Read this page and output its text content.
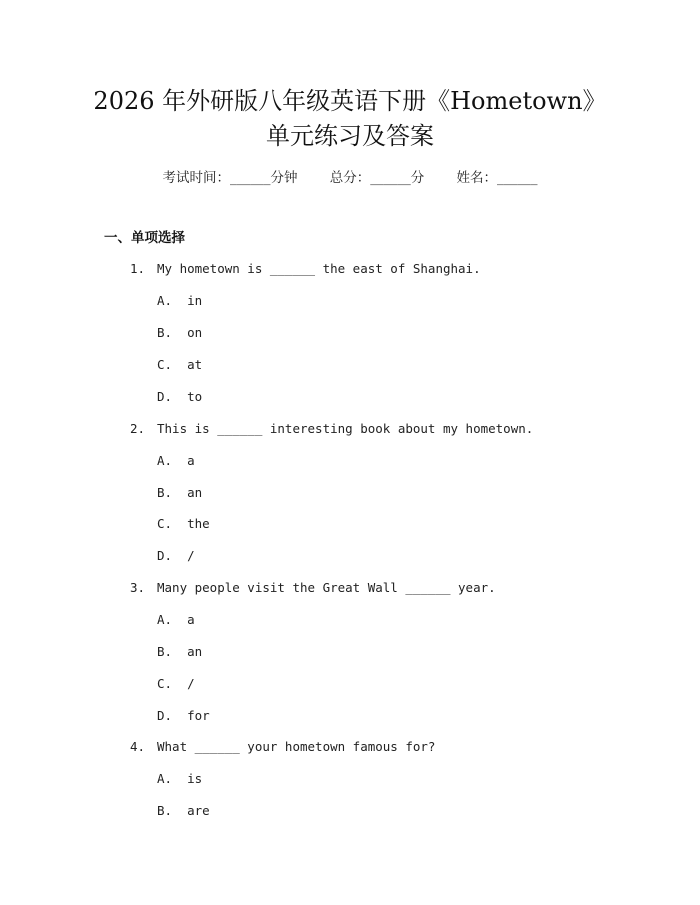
2026 年外研版八年级英语下册《Hometown》
单元练习及答案
考试时间：______分钟 总分：______分 姓名：______
一、单项选择
1. My hometown is ______ the east of Shanghai.
A.  in
B.  on
C.  at
D.  to
2. This is ______ interesting book about my hometown.
A.  a
B.  an
C.  the
D.  /
3. Many people visit the Great Wall ______ year.
A.  a
B.  an
C.  /
D.  for
4. What ______ your hometown famous for?
A.  is
B.  are
